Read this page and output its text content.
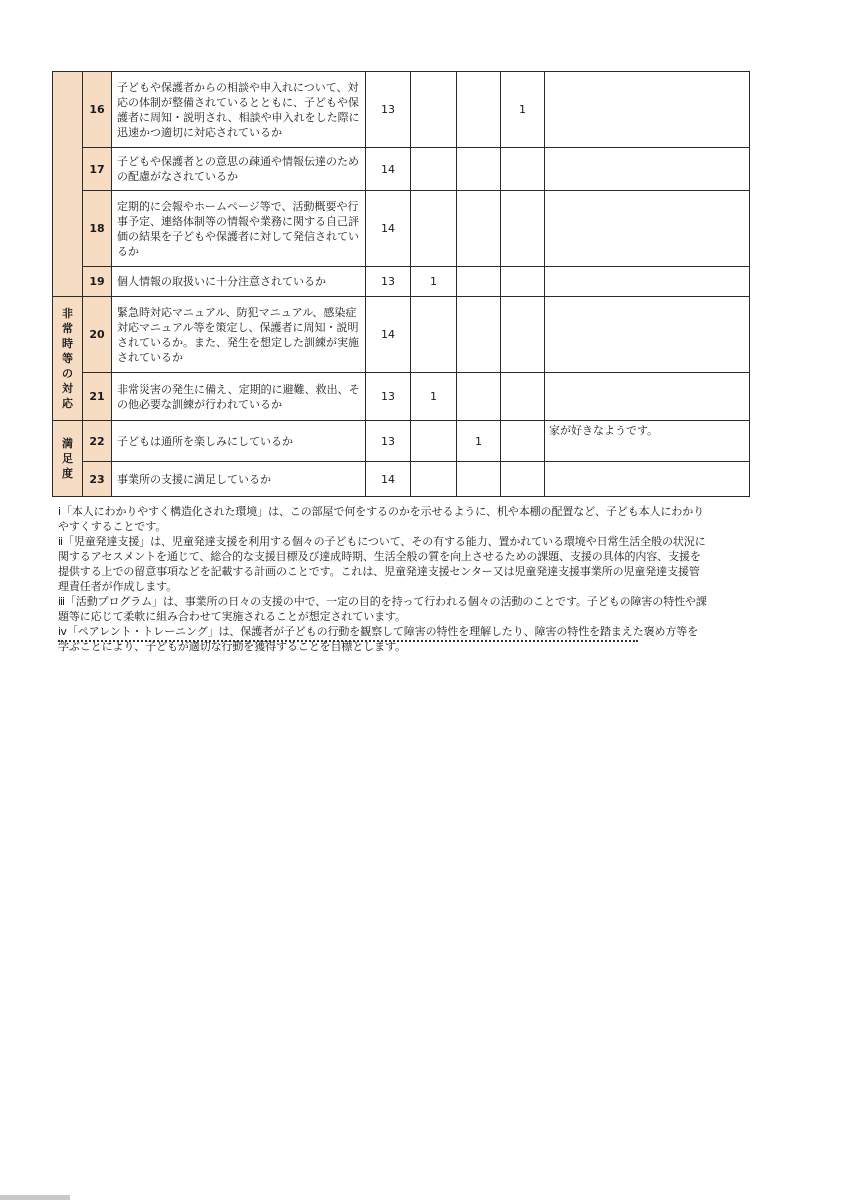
	16	子どもや保護者からの相談や申入れについて、対応の体制が整備されているとともに、子どもや保護者に周知・説明され、相談や申入れをした際に迅速かつ適切に対応されているか	13			1	
	17	子どもや保護者との意思の疎通や情報伝達のための配慮がなされているか	14				
	18	定期的に会報やホームページ等で、活動概要や行事予定、連絡体制等の情報や業務に関する自己評価の結果を子どもや保護者に対して発信されているか	14				
	19	個人情報の取扱いに十分注意されているか	13	1			
非常時等の対応	20	緊急時対応マニュアル、防犯マニュアル、感染症対応マニュアル等を策定し、保護者に周知・説明されているか。また、発生を想定した訓練が実施されているか	14				
	21	非常災害の発生に備え、定期的に避難、救出、その他必要な訓練が行われているか	13	1			
満足度	22	子どもは通所を楽しみにしているか	13		1		家が好きなようです。
	23	事業所の支援に満足しているか	14				

ⅰ「本人にわかりやすく構造化された環境」は、この部屋で何をするのかを示せるように、机や本棚の配置など、子ども本人にわかりやすくすることです。

ⅱ「児童発達支援」は、児童発達支援を利用する個々の子どもについて、その有する能力、置かれている環境や日常生活全般の状況に関するアセスメントを通じて、総合的な支援目標及び達成時期、生活全般の質を向上させるための課題、支援の具体的内容、支援を提供する上での留意事項などを記載する計画のことです。これは、児童発達支援センター又は児童発達支援事業所の児童発達支援管理責任者が作成します。

ⅲ「活動プログラム」は、事業所の日々の支援の中で、一定の目的を持って行われる個々の活動のことです。子どもの障害の特性や課題等に応じて柔軟に組み合わせて実施されることが想定されています。

ⅳ「ペアレント・トレーニング」は、保護者が子どもの行動を観察して障害の特性を理解したり、障害の特性を踏まえた褒め方等を学ぶことにより、子どもが適切な行動を獲得することを目標とします。
